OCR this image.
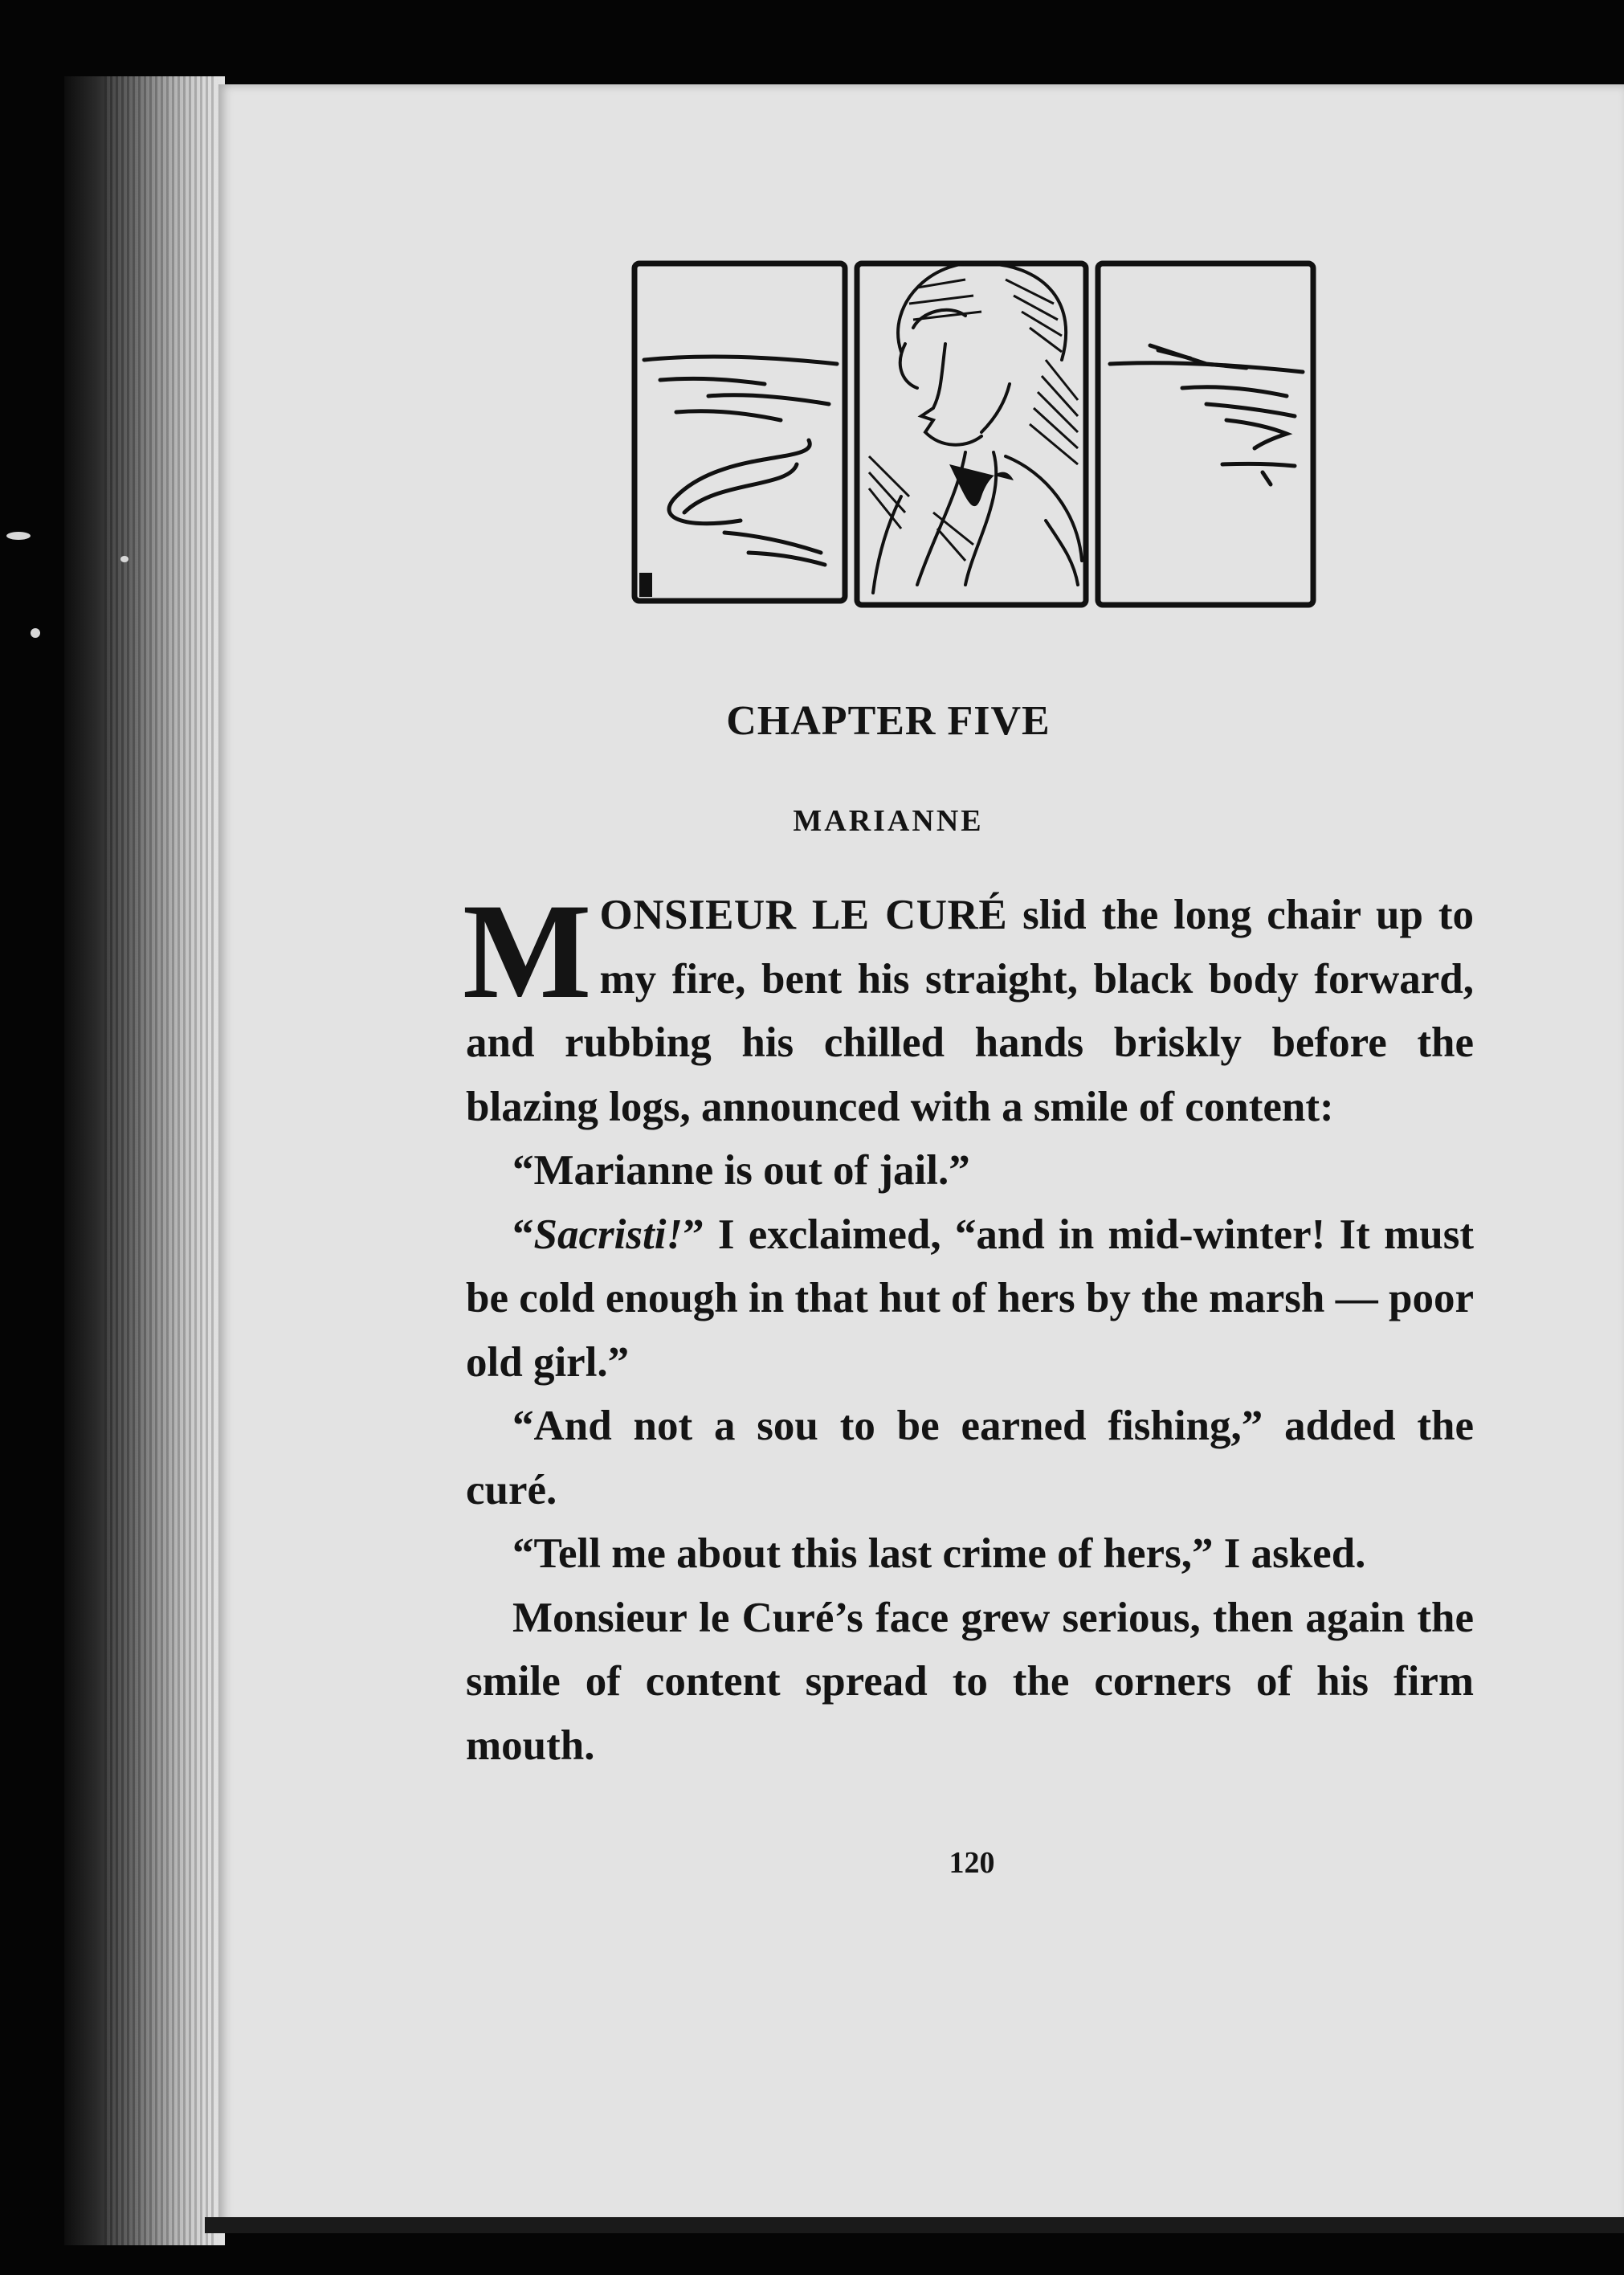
CHAPTER FIVE
MARIANNE

MONSIEUR LE CURÉ slid the long chair up to my fire, bent his straight, black body forward, and rubbing his chilled hands briskly before the blazing logs, announced with a smile of content:

“Marianne is out of jail.”

“Sacristi!” I exclaimed, “and in mid-winter! It must be cold enough in that hut of hers by the marsh — poor old girl.”

“And not a sou to be earned fishing,” added the curé.

“Tell me about this last crime of hers,” I asked.

Monsieur le Curé’s face grew serious, then again the smile of content spread to the corners of his firm mouth.

120
